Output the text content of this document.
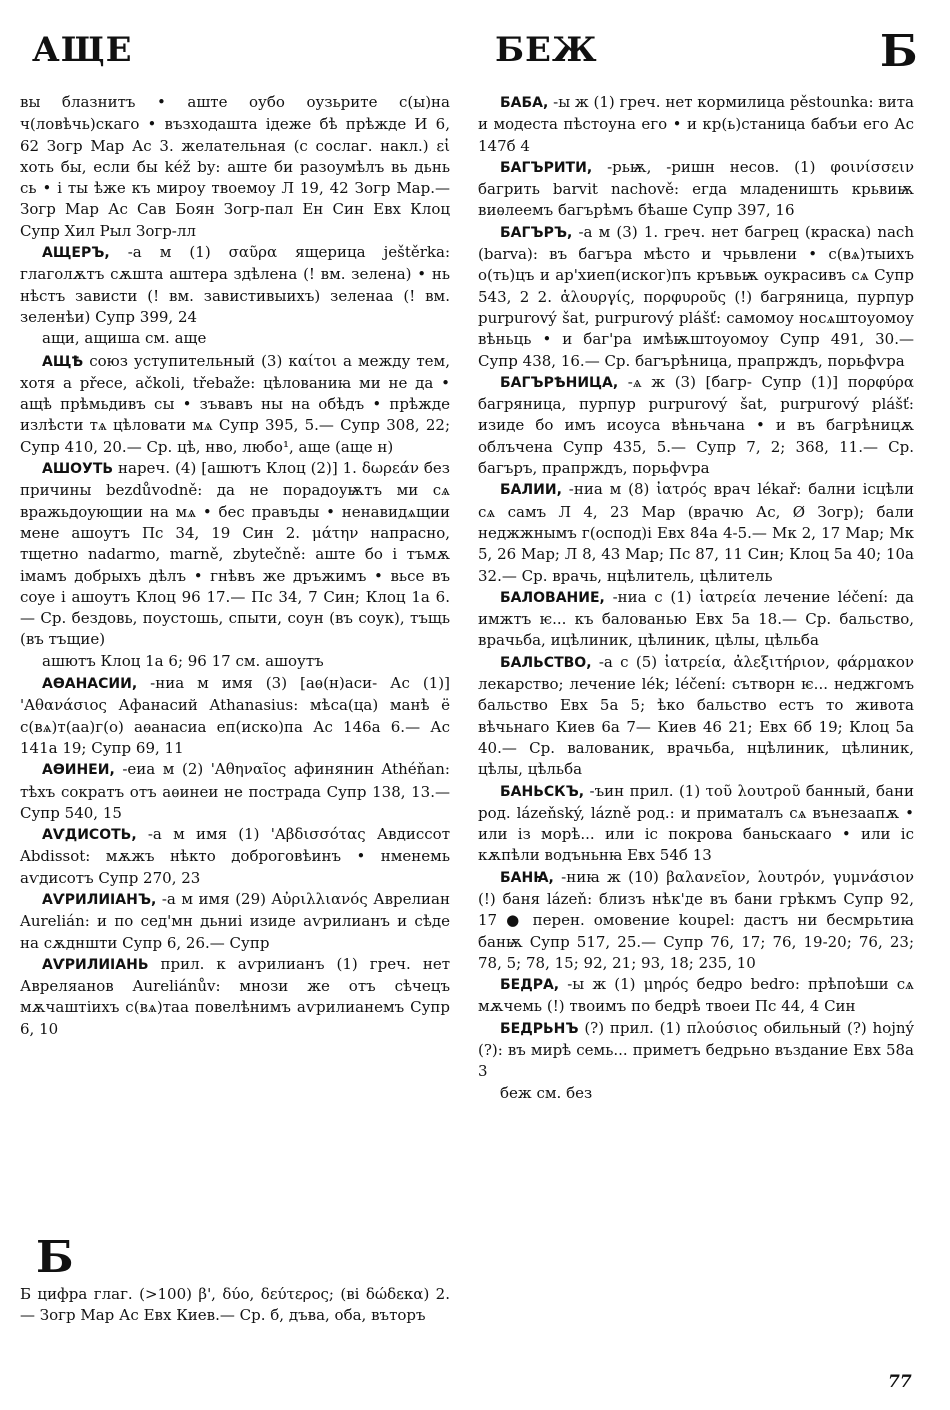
АЩЕ	БЕЖ	Б

вы блазнитъ • аште оубо оузьрите с(ы)на ч(ловѣчь)скаго • възходашта ідеже бѣ прѣжде И 6, 62 Зогр Мар Ас 3. желательная (с сослаг. накл.) εἰ хоть бы, если бы kéž by: аште би разоумѣлъ вь дьнь сь • і ты ѣже къ мироу твоемоу Л 19, 42 Зогр Мар.— Зогр Мар Ас Сав Боян Зогр-пал Ен Син Евх Клоц Супр Хил Рыл Зогр-лл

АЩЕРЪ, -а м (1) σαῦρα ящерица ještěrka: глаголѫтъ сѫшта аштера здѣлена (! вм. зелена) • нь нѣстъ зависти (! вм. завистивыихъ) зеленаа (! вм. зеленѣи) Супр 399, 24

ащи, ащиша см. аще

АЩѢ союз уступительный (3) καίτοι а между тем, хотя а přece, ačkoli, třebaže: цѣлованиꙗ ми не да • ащѣ прѣмьдивъ сы • зъвавъ ны на обѣдъ • прѣжде излѣсти тѧ цѣловати мѧ Супр 395, 5.— Супр 308, 22; Супр 410, 20.— Ср. цѣ, нво, любо¹, аще (аще н)

АШОУТЬ нареч. (4) [ашютъ Клоц (2)] 1. δωρεάν без причины bezdůvodně: да не порадоуѭтъ ми сѧ вражьдоующии на мѧ • бес правъды • ненавидѧщии мене ашоутъ Пс 34, 19 Син 2. μάτην напрасно, тщетно nadarmo, marně, zbytečně: аште бо і тъмѫ імамъ добрыхъ дѣлъ • гнѣвъ же дръжимъ • вьсе въ соуе і ашоутъ Клоц 96 17.— Пс 34, 7 Син; Клоц 1а 6.— Ср. бездовь, поустошь, спыти, соун (въ соук), тъщь (въ тъщие)

ашютъ Клоц 1а 6; 96 17 см. ашоутъ

АѲАНАСИИ, -ниа м имя (3) [аѳ(н)аси- Ас (1)] 'Αθανάσιος Афанасий Athanasius: мѣса(ца) манѣ ё с(вѧ)т(аа)г(о) аѳанасиа еп(иско)па Ас 146а 6.— Ас 141а 19; Супр 69, 11

АѲИНЕИ, -еиа м (2) 'Αθηναῖος афинянин Athéňan: тѣхъ сократъ отъ аѳинеи не пострада Супр 138, 13.— Супр 540, 15

АѴДИСОТЬ, -а м имя (1) 'Αβδισσότας Авдиссот Abdissot: мѫжъ нѣкто доброговѣинъ • нменемь аѵдисотъ Супр 270, 23

АѴРИЛИIАНЪ, -а м имя (29) Αὐριλλιανός Аврелиан Aurelián: и по сед'мн дьниі изиде аѵрилианъ и сѣде на сѫдншти Супр 6, 26.— Супр

АѴРИЛИIАНЬ прил. к аѵрилианъ (1) греч. нет Авреляанов Aureliánův: мнози же отъ сѣчецъ мѫчаштіихъ с(вѧ)таа повелѣнимъ аѵрилианемъ Супр 6, 10

Б
Б цифра глаг. (>100) β', δύο, δεύτερος; (ві δώδεκα) 2.— Зогр Мар Ас Евх Киев.— Ср. б, дъва, оба, въторъ

БАБА, -ы ж (1) греч. нет кормилица pěstounka: вита и модеста пѣстоуна его • и кр(ь)станица бабъи его Ас 147б 4

БАГЪРИТИ, -рьѭ, -ришн несов. (1) φοινίσσειν багрить barvit nachově: егда младеништь крьвиѭ виѳлеемъ багърѣмъ бѣаше Супр 397, 16

БАГЪРЪ, -а м (3) 1. греч. нет багрец (краска) nach (barva): въ багъра мѣсто и чрьвлени • с(вѧ)тыихъ о(ть)цъ и ар'хиеп(иског)пъ кръвьѭ оукрасивъ сѧ Супр 543, 2 2. ἁλουργίς, πορφυροῦς (!) багряница, пурпур purpurový šat, purpurový plášť: самомоу носѧштоуомоу вѣньць • и баг'ра имѣѭштоуомоу Супр 491, 30.— Супр 438, 16.— Ср. багърѣница, прапрждъ, порьфѵра

БАГЪРѢНИЦА, -ѧ ж (3) [багр- Супр (1)] πορφύρα багряница, пурпур purpurový šat, purpurový plášť: изиде бо имъ исоуса вѣньчана • и въ багрѣницѫ облъчена Супр 435, 5.— Супр 7, 2; 368, 11.— Ср. багъръ, прапрждъ, порьфѵра

БАЛИИ, -ниа м (8) ἰατρός врач lékař: бални ісцѣли сѧ самъ Л 4, 23 Мар (врачю Ас, Ø Зогр); бали неджжнымъ г(оспод)і Евх 84а 4-5.— Мк 2, 17 Мар; Мк 5, 26 Мар; Л 8, 43 Мар; Пс 87, 11 Син; Клоц 5а 40; 10а 32.— Ср. врачь, нцѣлитель, цѣлитель

БАЛОВАНИЕ, -ниа с (1) ἰατρεία лечение léčení: да имжтъ ѥ... къ балованью Евх 5а 18.— Ср. бальство, врачьба, ицѣлиник, цѣлиник, цѣлы, цѣльба

БАЛЬСТВО, -а с (5) ἰατρεία, ἀλεξιτήριον, φάρμακον лекарство; лечение lék; léčení: сътворн ѥ... неджгомъ бальство Евх 5а 5; ѣко бальство естъ то живота вѣчьнаго Киев 6а 7— Киев 46 21; Евх 6б 19; Клоц 5а 40.— Ср. валованик, врачьба, нцѣлиник, цѣлиник, цѣлы, цѣльба

БАНЬСКЪ, -ъин прил. (1) τοῦ λουτροῦ банный, бани род. lázeňský, lázně род.: и приматалъ сѧ вънезаапѫ • или із морѣ... или іс покрова баньскааго • или іс кѫпѣли водъньнꙗ Евх 54б 13

БАНꙖ, -ниꙗ ж (10) βαλανεῖον, λουτρόν, γυμνάσιον (!) баня lázeň: близъ нѣк'де въ бани грѣкмъ Супр 92, 17 ● перен. омовение koupel: дастъ ни бесмрьтиꙗ банѭ Супр 517, 25.— Супр 76, 17; 76, 19-20; 76, 23; 78, 5; 78, 15; 92, 21; 93, 18; 235, 10

БЕДРА, -ы ж (1) μηρός бедро bedro: прѣпоѣши сѧ мѫчемь (!) твоимъ по бедрѣ твоеи Пс 44, 4 Син

БЕДРЬНЪ (?) прил. (1) πλούσιος обильный (?) hojný (?): въ мирѣ семь... приметъ бедрьно въздание Евх 58а 3

беж см. без

77
